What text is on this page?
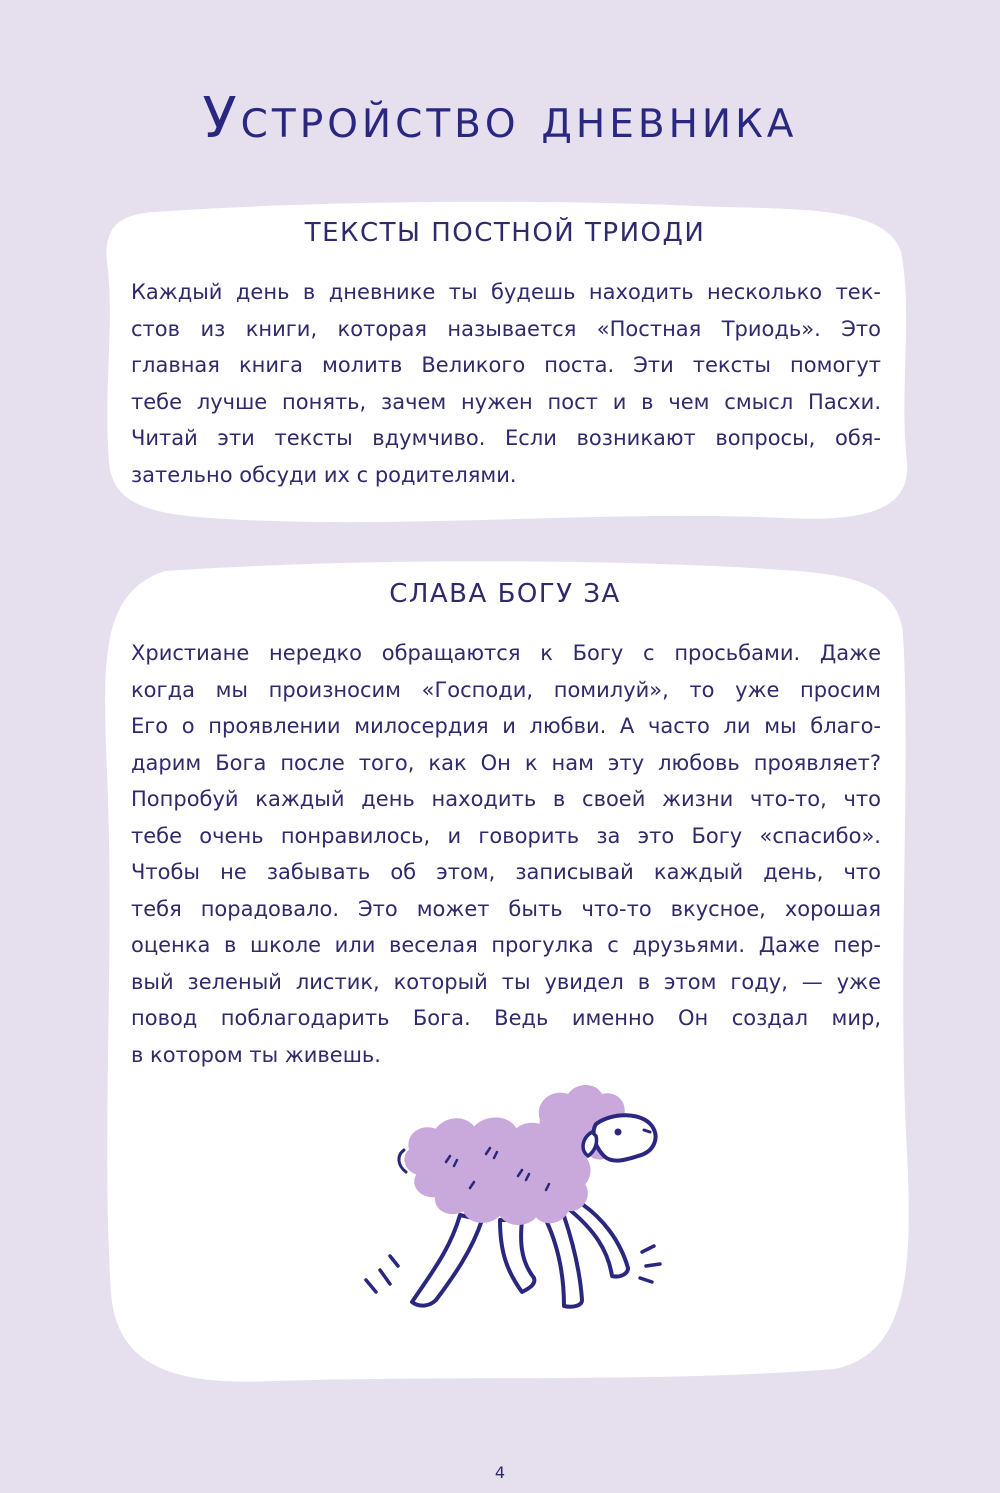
Устройство дневника
ТЕКСТЫ ПОСТНОЙ ТРИОДИ

Каждый день в дневнике ты будешь находить несколько тек-
стов из книги, которая называется «Постная Триодь». Это
главная книга молитв Великого поста. Эти тексты помогут
тебе лучше понять, зачем нужен пост и в чем смысл Пасхи.
Читай эти тексты вдумчиво. Если возникают вопросы, обя-
зательно обсуди их с родителями.

СЛАВА БОГУ ЗА

Христиане нередко обращаются к Богу с просьбами. Даже
когда мы произносим «Господи, помилуй», то уже просим
Его о проявлении милосердия и любви. А часто ли мы благо-
дарим Бога после того, как Он к нам эту любовь проявляет?
Попробуй каждый день находить в своей жизни что-то, что
тебе очень понравилось, и говорить за это Богу «спасибо».
Чтобы не забывать об этом, записывай каждый день, что
тебя порадовало. Это может быть что-то вкусное, хорошая
оценка в школе или веселая прогулка с друзьями. Даже пер-
вый зеленый листик, который ты увидел в этом году, — уже
повод поблагодарить Бога. Ведь именно Он создал мир,
в котором ты живешь.

4
